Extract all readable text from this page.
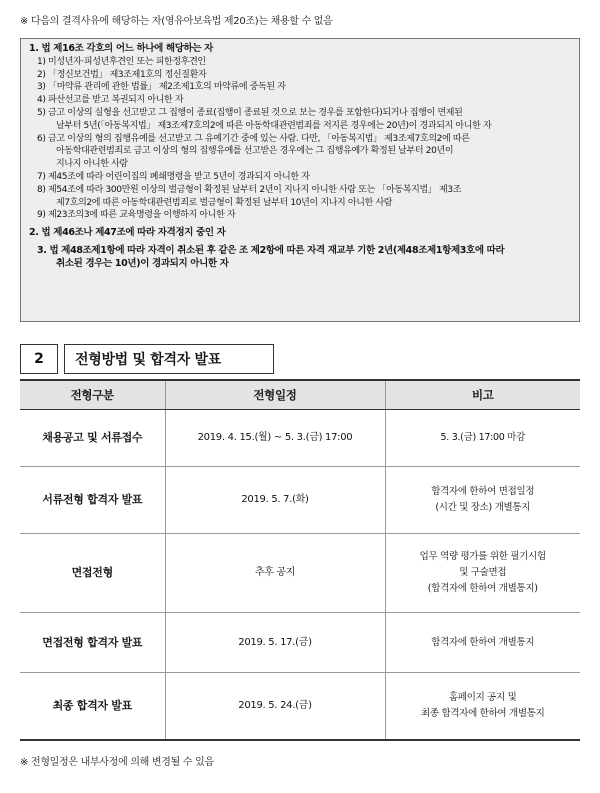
※ 다음의 결격사유에 해당하는 자(영유아보육법 제20조)는 채용할 수 없음
1. 법 제16조 각호의 어느 하나에 해당하는 자
1) 미성년자·피성년후견인 또는 피한정후견인
2) 「정신보건법」 제3조제1호의 정신질환자
3) 「마약류 관리에 관한 법률」 제2조제1호의 마약류에 중독된 자
4) 파산선고를 받고 복권되지 아니한 자
5) 금고 이상의 실형을 선고받고 그 집행이 종료(집행이 종료된 것으로 보는 경우를 포함한다)되거나 집행이 면제된
날부터 5년(「아동복지법」 제3조제7호의2에 따른 아동학대관련범죄를 저지른 경우에는 20년)이 경과되지 아니한 자
6) 금고 이상의 형의 집행유예를 선고받고 그 유예기간 중에 있는 사람. 다만, 「아동복지법」 제3조제7호의2에 따른
아동학대관련범죄로 금고 이상의 형의 집행유예를 선고받은 경우에는 그 집행유예가 확정된 날부터 20년이
지나지 아니한 사람
7) 제45조에 따라 어린이집의 폐쇄명령을 받고 5년이 경과되지 아니한 자
8) 제54조에 따라 300만원 이상의 벌금형이 확정된 날부터 2년이 지나지 아니한 사람 또는 「아동복지법」 제3조
제7호의2에 따른 아동학대관련범죄로 벌금형이 확정된 날부터 10년이 지나지 아니한 사람
9) 제23조의3에 따른 교육명령을 이행하지 아니한 자
2. 법 제46조나 제47조에 따라 자격정지 중인 자
3. 법 제48조제1항에 따라 자격이 취소된 후 같은 조 제2항에 따른 자격 재교부 기한 2년(제48조제1항제3호에 따라
취소된 경우는 10년)이 경과되지 아니한 자
2	전형방법 및 합격자 발표
전형구분	전형일정	비고
채용공고 및 서류접수	2019. 4. 15.(월) ~ 5. 3.(금) 17:00	5. 3.(금) 17:00 마감

서류전형 합격자 발표	2019. 5. 7.(화)	합격자에 한하여 면접일정
(시간 및 장소) 개별통지

면접전형	추후 공지	업무 역량 평가를 위한 필기시험
및 구술면접
(합격자에 한하여 개별통지)

면접전형 합격자 발표	2019. 5. 17.(금)	합격자에 한하여 개별통지

최종 합격자 발표	2019. 5. 24.(금)	홈페이지 공지 및
최종 합격자에 한하여 개별통지
※ 전형일정은 내부사정에 의해 변경될 수 있음
